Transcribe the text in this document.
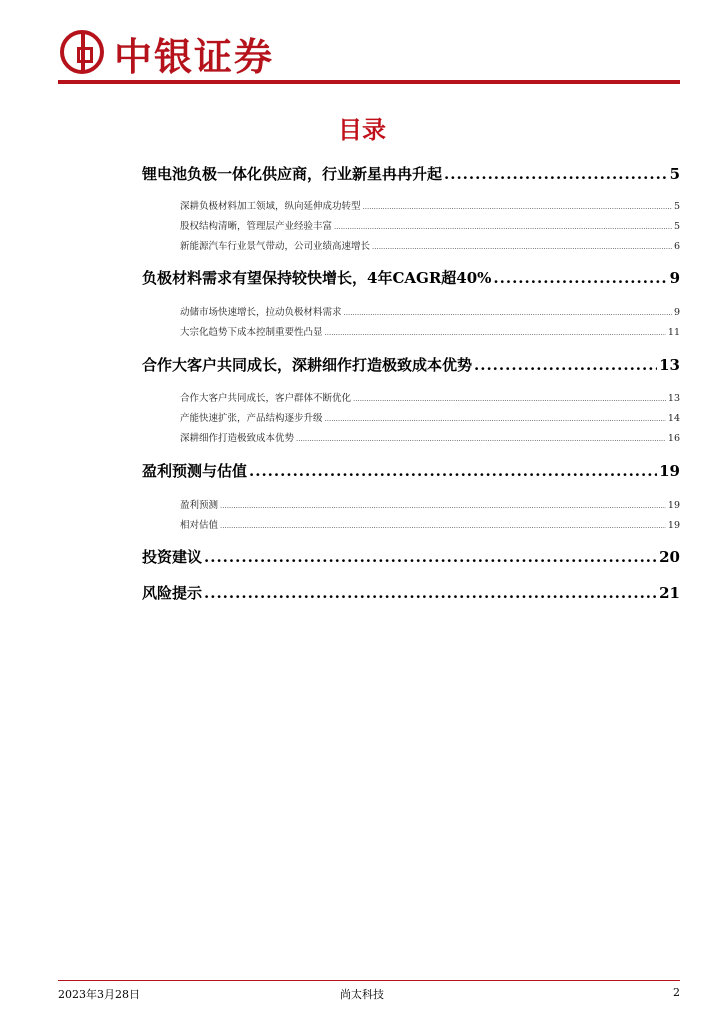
中银证券
目录
锂电池负极一体化供应商，行业新星冉冉升起 .....	5
深耕负极材料加工领域，纵向延伸成功转型 .....	5
股权结构清晰，管理层产业经验丰富 .....	5
新能源汽车行业景气带动，公司业绩高速增长 .....	6
负极材料需求有望保持较快增长，4年CAGR超40% .....	9
动储市场快速增长，拉动负极材料需求 .....	9
大宗化趋势下成本控制重要性凸显 .....	11
合作大客户共同成长，深耕细作打造极致成本优势 .....	13
合作大客户共同成长，客户群体不断优化 .....	13
产能快速扩张，产品结构逐步升级 .....	14
深耕细作打造极致成本优势 .....	16
盈利预测与估值 .....	19
盈利预测 .....	19
相对估值 .....	19
投资建议 .....	20
风险提示 .....	21
2023年3月28日	尚太科技	2
